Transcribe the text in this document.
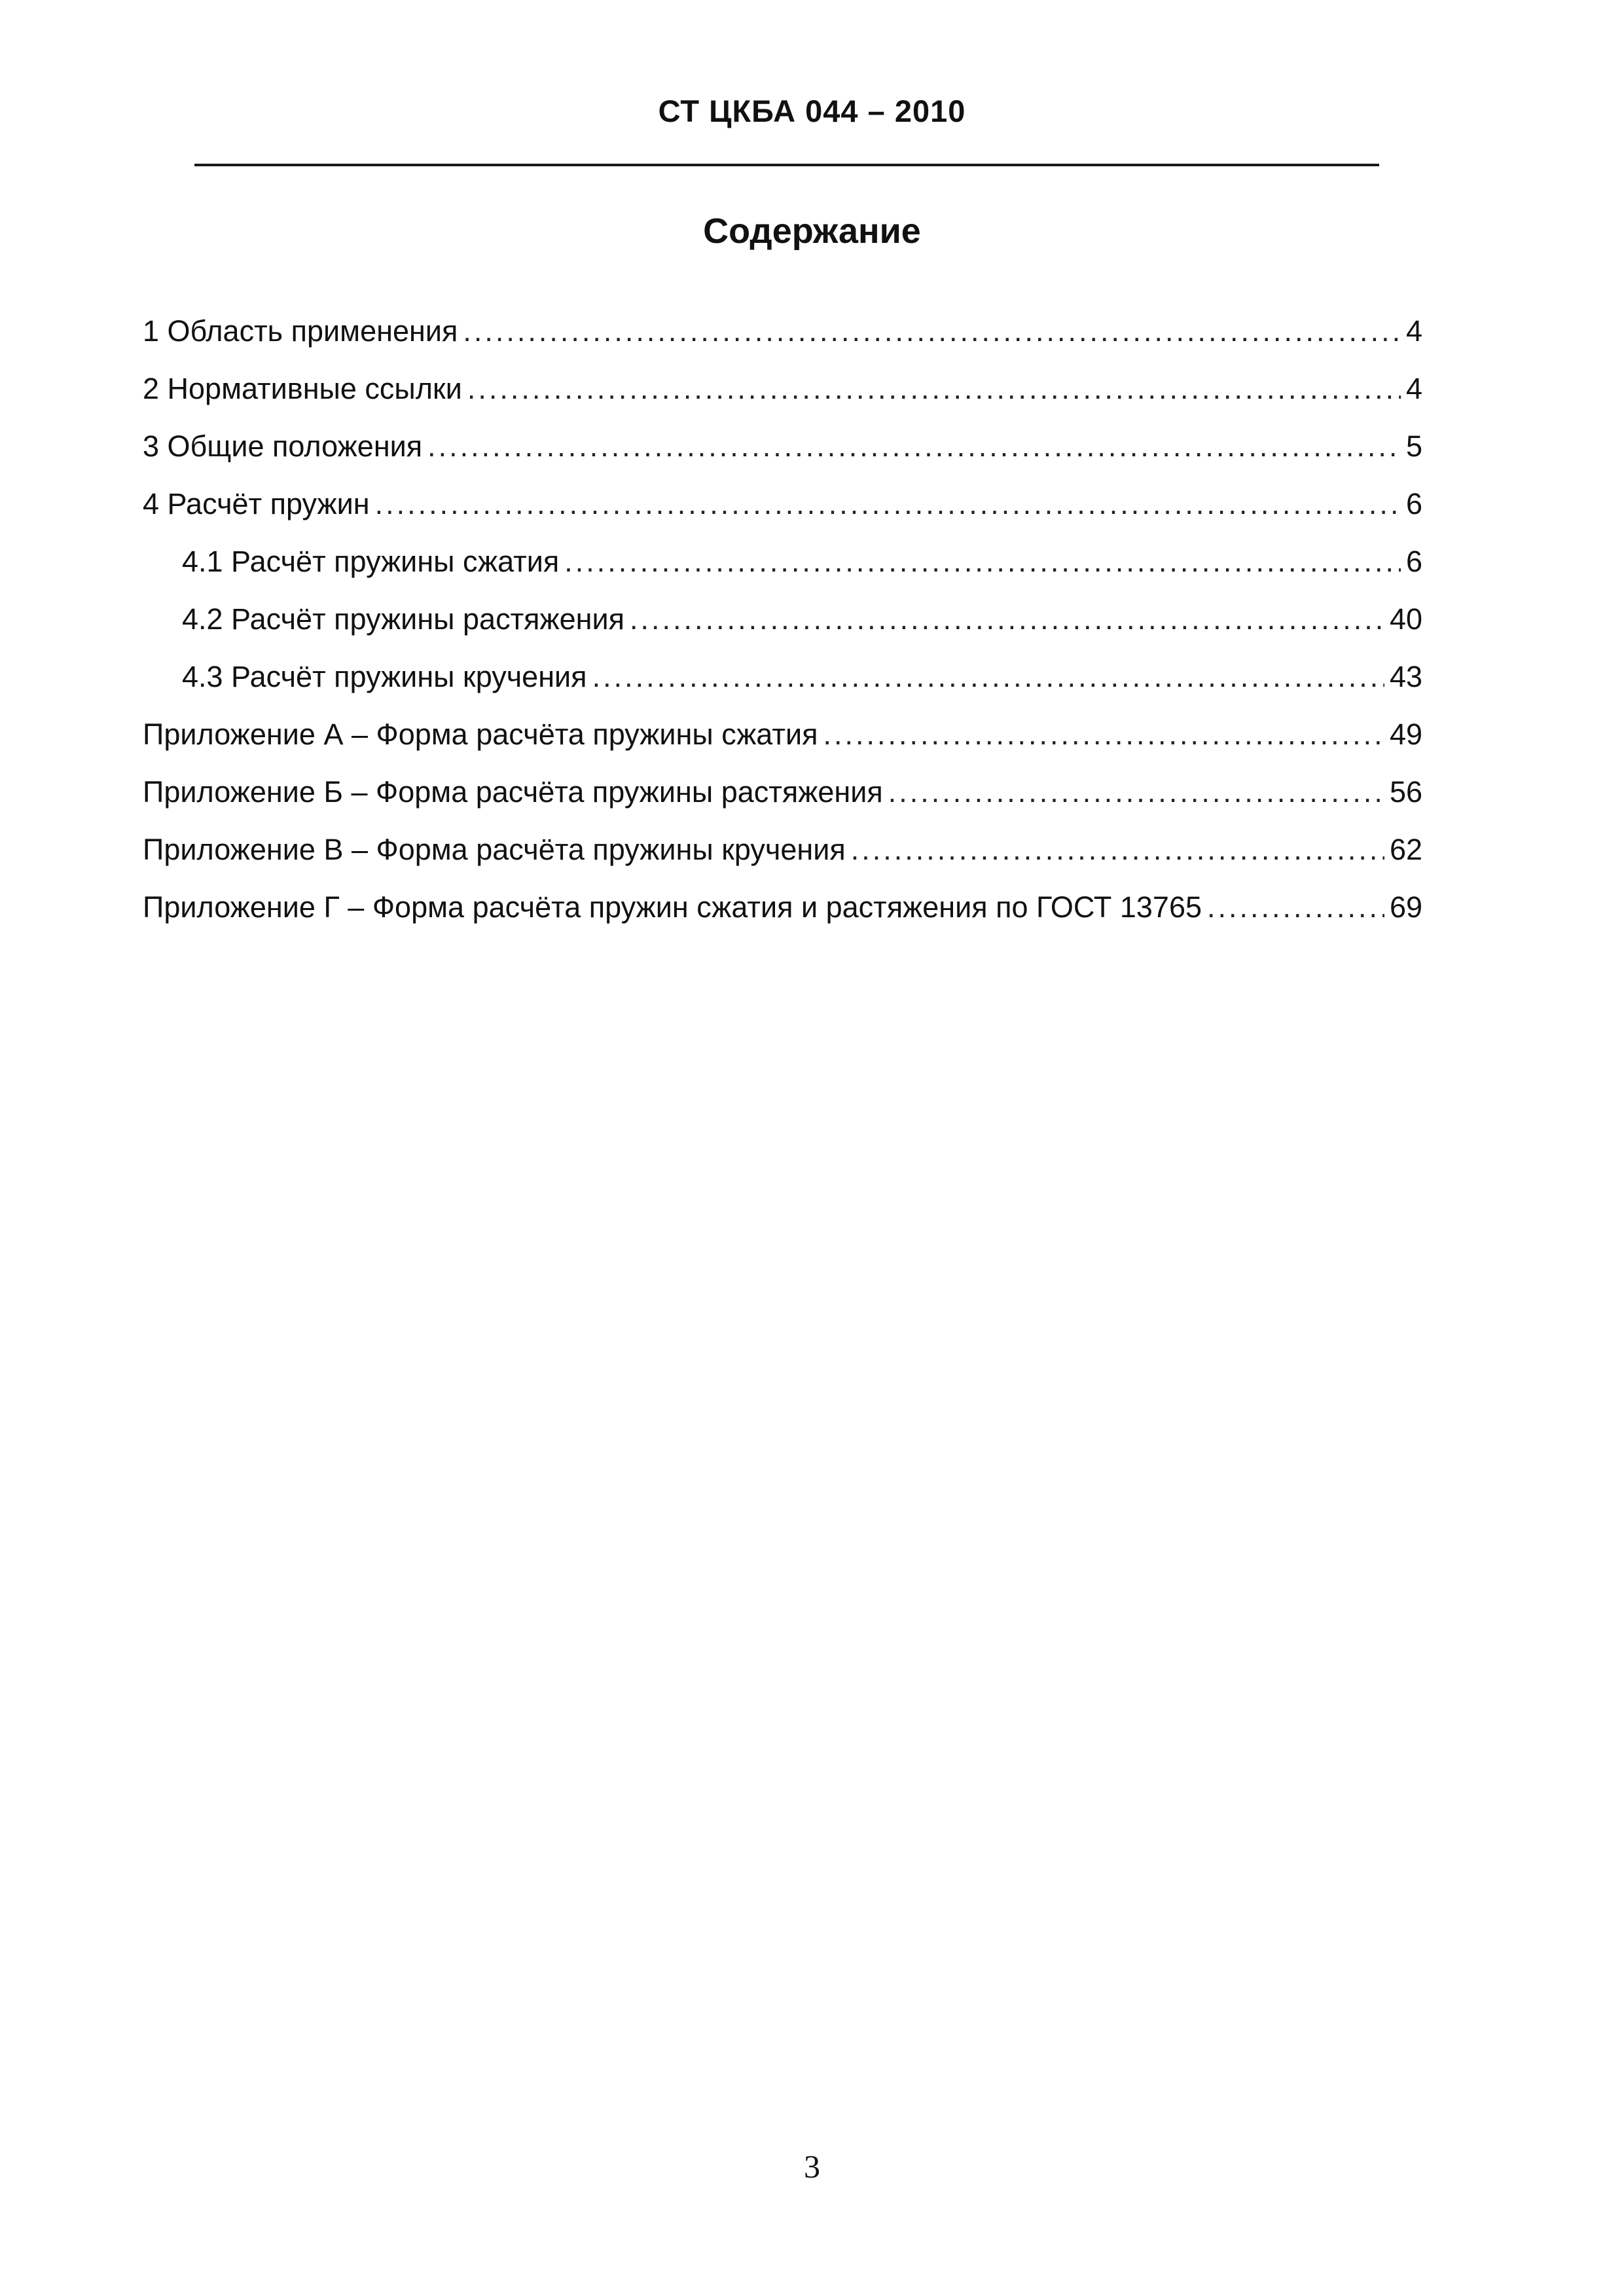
СТ ЦКБА 044 – 2010
Содержание
1 Область применения .....	4
2 Нормативные ссылки .....	4
3 Общие положения .....	5
4 Расчёт пружин .....	6
4.1 Расчёт пружины сжатия .....	6
4.2 Расчёт пружины растяжения .....	40
4.3 Расчёт пружины кручения .....	43
Приложение А – Форма расчёта пружины сжатия .....	49
Приложение Б – Форма расчёта пружины растяжения .....	56
Приложение В – Форма расчёта пружины кручения .....	62
Приложение Г – Форма расчёта пружин сжатия и растяжения по ГОСТ 13765 .....	69
3
